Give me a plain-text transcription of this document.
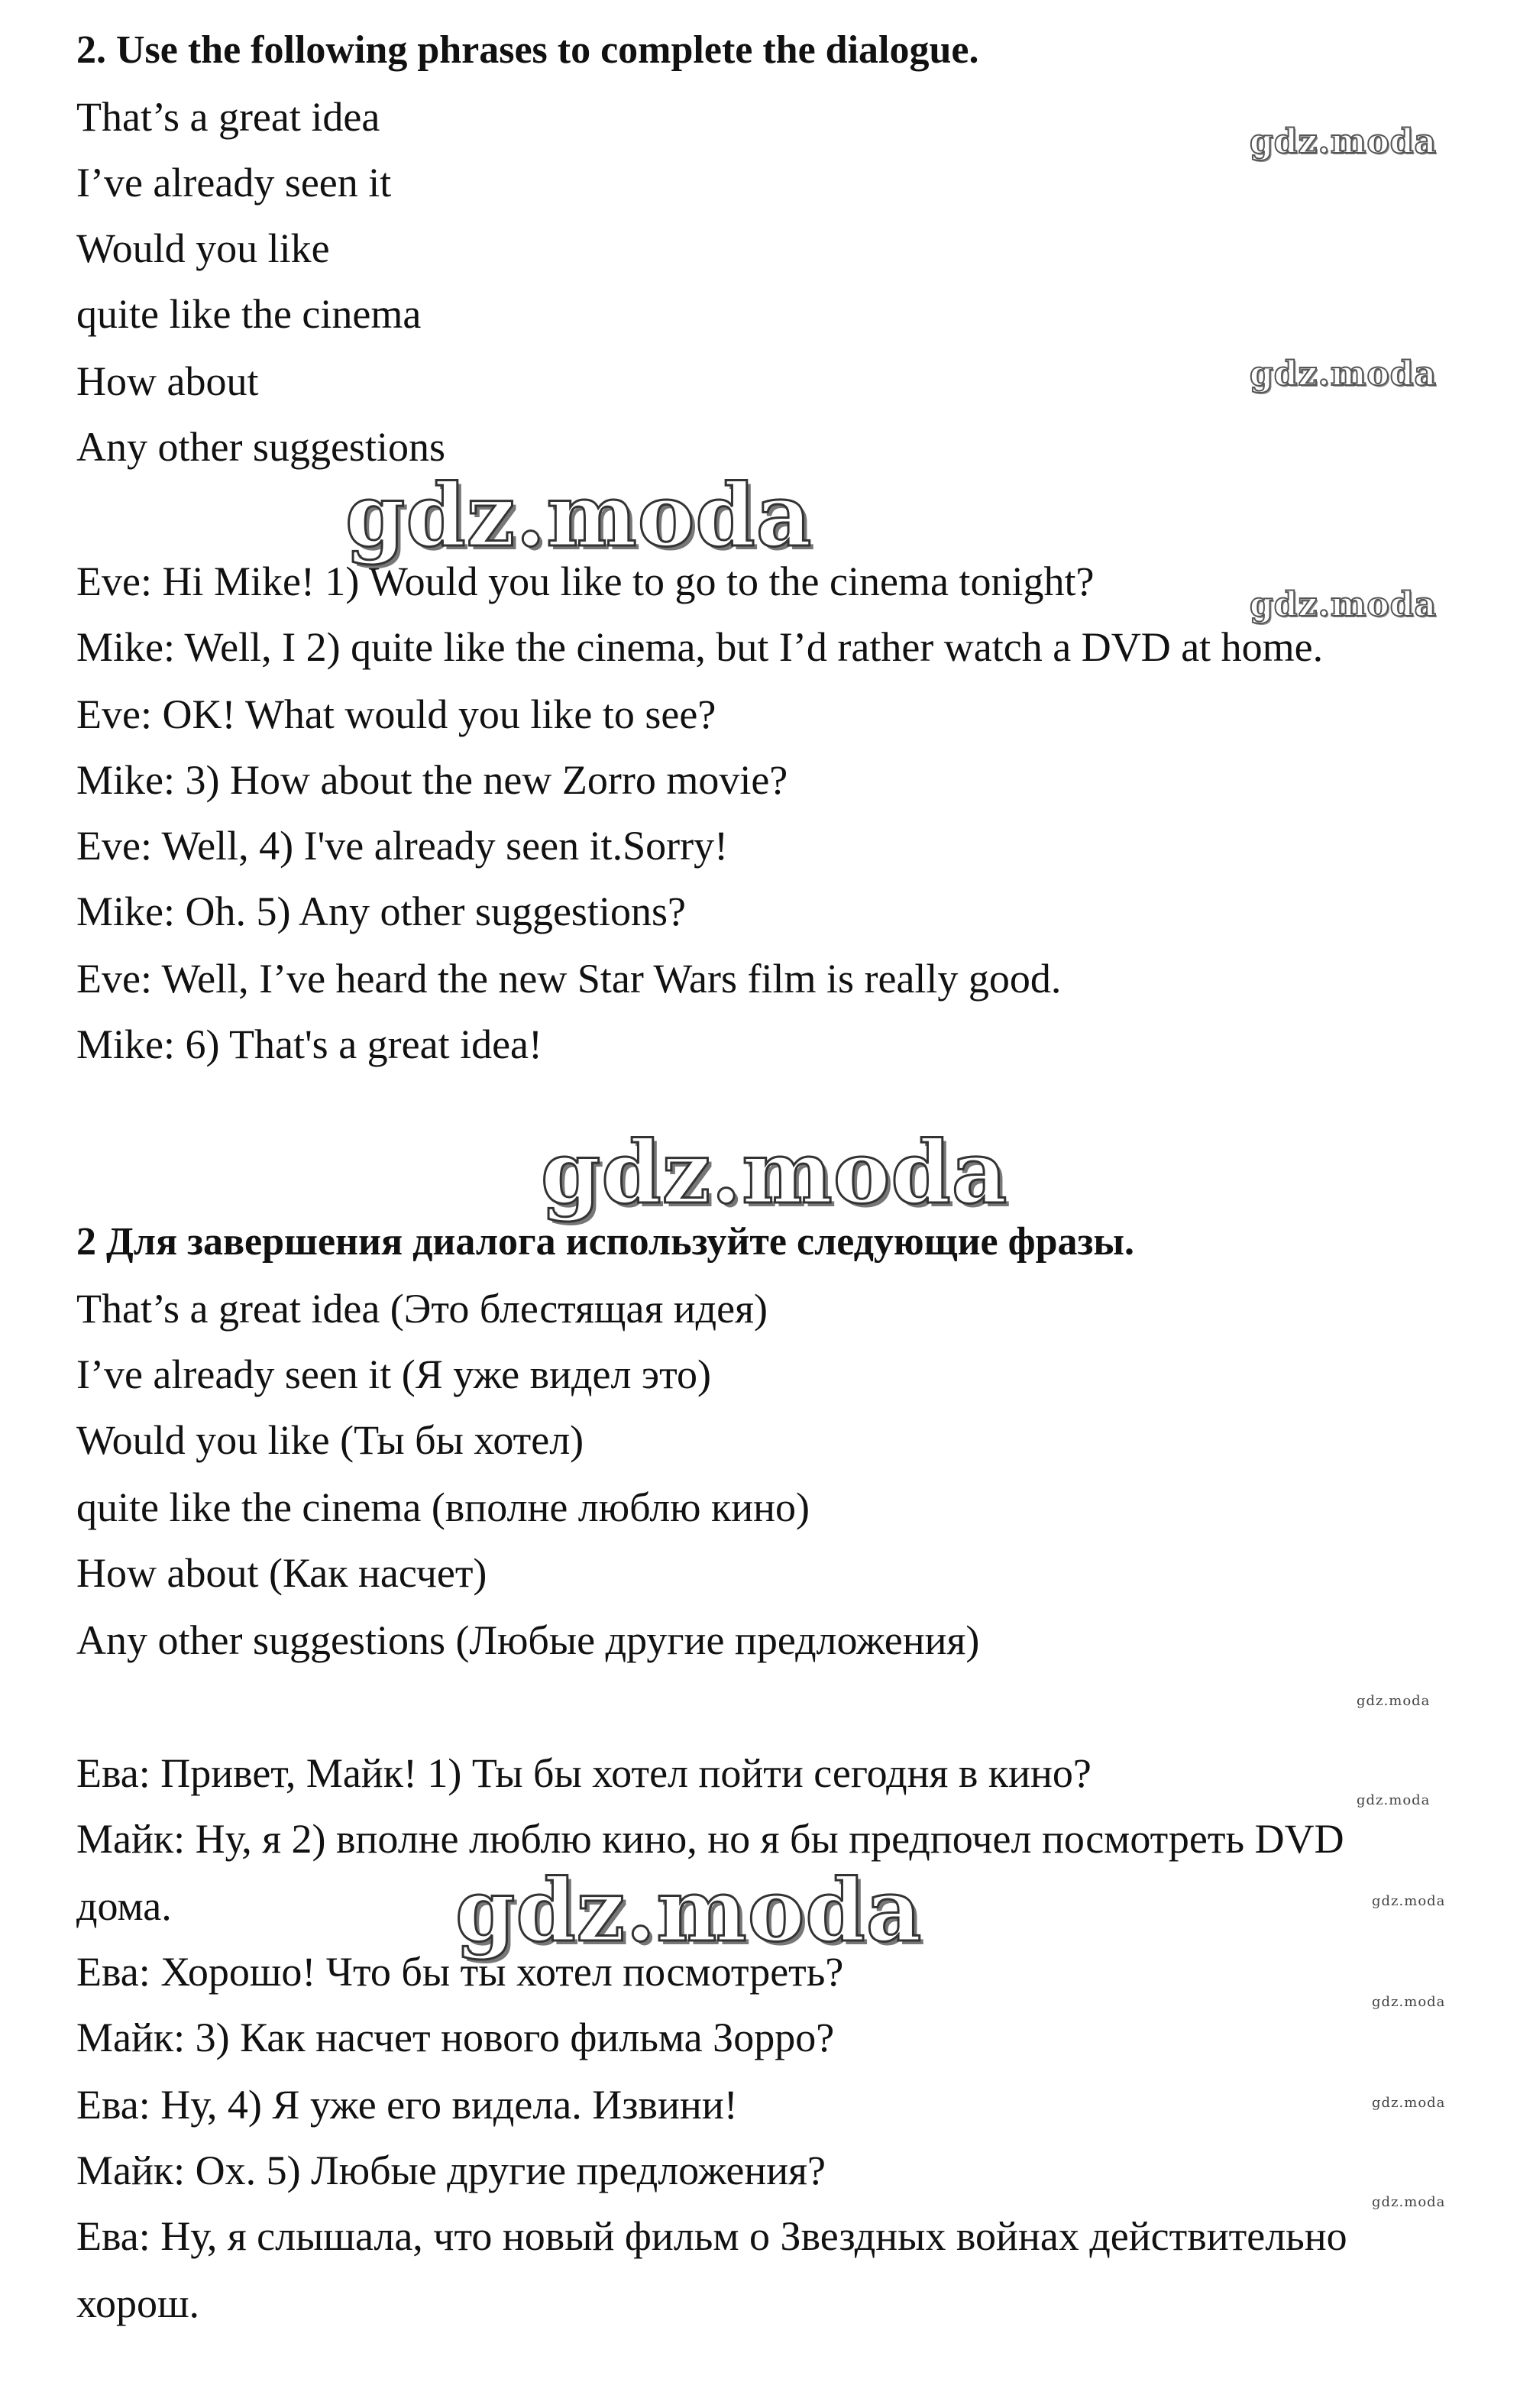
2. Use the following phrases to complete the dialogue.
That’s a great idea
I’ve already seen it
Would you like
quite like the cinema
How about
Any other suggestions
Eve: Hi Mike! 1) Would you like to go to the cinema tonight?
Mike: Well, I 2) quite like the cinema, but I’d rather watch a DVD at home.
Eve: OK! What would you like to see?
Mike: 3) How about the new Zorro movie?
Eve: Well, 4) I've already seen it.Sorry!
Mike: Oh. 5) Any other suggestions?
Eve: Well, I’ve heard the new Star Wars film is really good.
Mike: 6) That's a great idea!
2 Для завершения диалога используйте следующие фразы.
That’s a great idea (Это блестящая идея)
I’ve already seen it (Я уже видел это)
Would you like (Ты бы хотел)
quite like the cinema (вполне люблю кино)
How about (Как насчет)
Any other suggestions (Любые другие предложения)
Ева: Привет, Майк! 1) Ты бы хотел пойти сегодня в кино?
Майк: Ну, я 2) вполне люблю кино, но я бы предпочел посмотреть DVD
дома.
Ева: Хорошо! Что бы ты хотел посмотреть?
Майк: 3) Как насчет нового фильма Зорро?
Ева: Ну, 4) Я уже его видела. Извини!
Майк: Ох. 5) Любые другие предложения?
Ева: Ну, я слышала, что новый фильм о Звездных войнах действительно
хорош.
gdz.moda
gdz.moda
gdz.moda
gdz.moda
gdz.moda
gdz.moda
gdz.moda
gdz.moda
gdz.moda
gdz.moda
gdz.moda
gdz.moda
